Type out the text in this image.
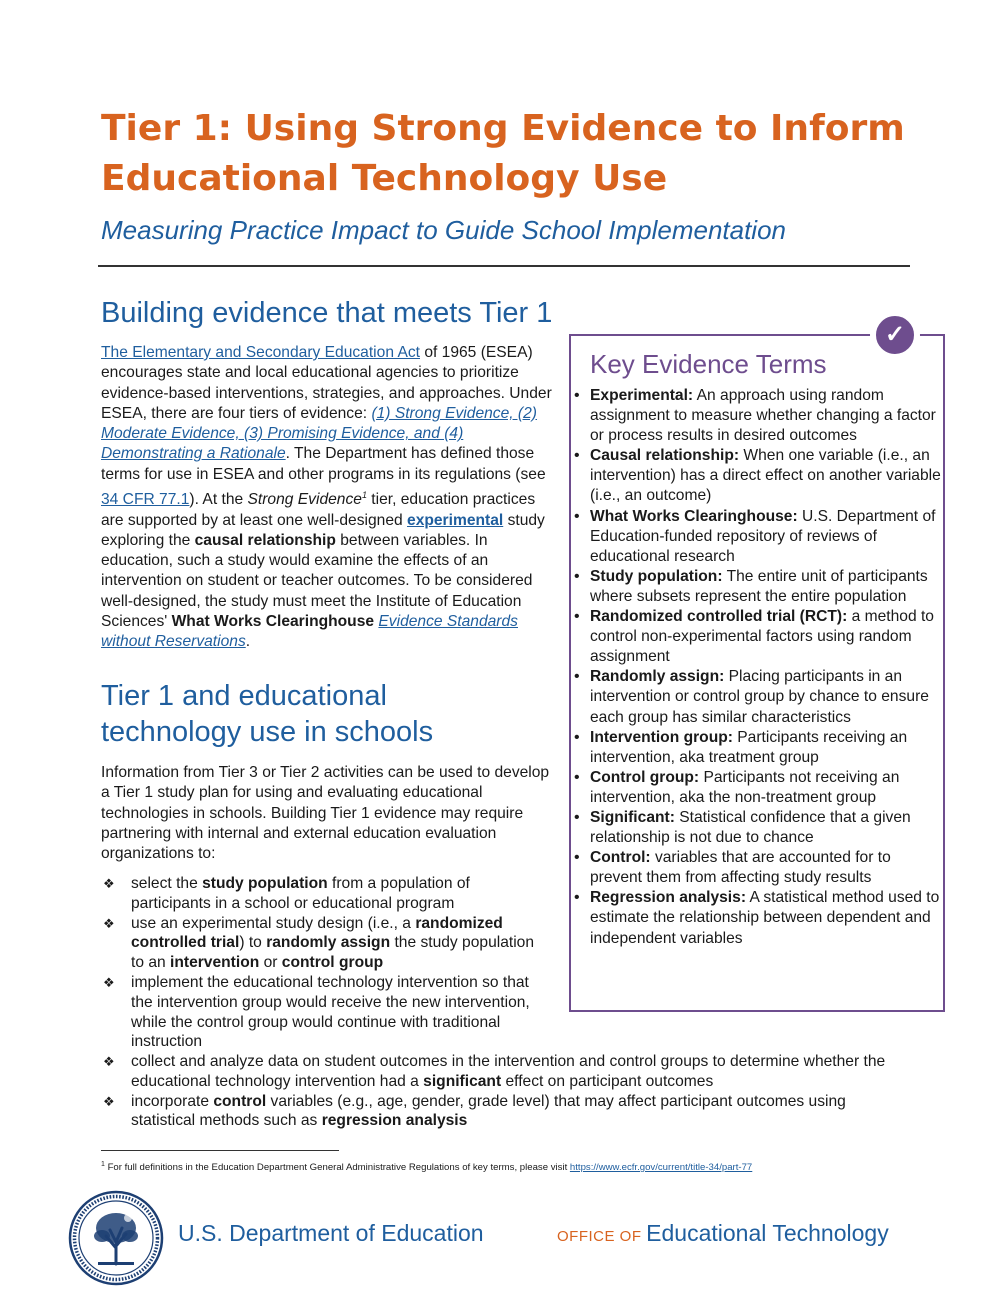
Tier 1: Using Strong Evidence to Inform
Educational Technology Use

Measuring Practice Impact to Guide School Implementation

Building evidence that meets Tier 1

The Elementary and Secondary Education Act of 1965 (ESEA) encourages state and local educational agencies to prioritize evidence-based interventions, strategies, and approaches. Under ESEA, there are four tiers of evidence: (1) Strong Evidence, (2) Moderate Evidence, (3) Promising Evidence, and (4) Demonstrating a Rationale. The Department has defined those terms for use in ESEA and other programs in its regulations (see 34 CFR 77.1). At the Strong Evidence$^1$ tier, education practices are supported by at least one well-designed experimental study exploring the causal relationship between variables. In education, such a study would examine the effects of an intervention on student or teacher outcomes. To be considered well-designed, the study must meet the Institute of Education Sciences' What Works Clearinghouse Evidence Standards without Reservations.

Tier 1 and educational
technology use in schools

Information from Tier 3 or Tier 2 activities can be used to develop a Tier 1 study plan for using and evaluating educational technologies in schools. Building Tier 1 evidence may require partnering with internal and external education evaluation organizations to:

❖ select the study population from a population of participants in a school or educational program
❖ use an experimental study design (i.e., a randomized controlled trial) to randomly assign the study population to an intervention or control group
❖ implement the educational technology intervention so that the intervention group would receive the new intervention, while the control group would continue with traditional instruction
❖ collect and analyze data on student outcomes in the intervention and control groups to determine whether the educational technology intervention had a significant effect on participant outcomes
❖ incorporate control variables (e.g., age, gender, grade level) that may affect participant outcomes using statistical methods such as regression analysis
✓
Key Evidence Terms
• Experimental: An approach using random assignment to measure whether changing a factor or process results in desired outcomes
• Causal relationship: When one variable (i.e., an intervention) has a direct effect on another variable (i.e., an outcome)
• What Works Clearinghouse: U.S. Department of Education-funded repository of reviews of educational research
• Study population: The entire unit of participants where subsets represent the entire population
• Randomized controlled trial (RCT): a method to control non-experimental factors using random assignment
• Randomly assign: Placing participants in an intervention or control group by chance to ensure each group has similar characteristics
• Intervention group: Participants receiving an intervention, aka treatment group
• Control group: Participants not receiving an intervention, aka the non-treatment group
• Significant: Statistical confidence that a given relationship is not due to chance
• Control: variables that are accounted for to prevent them from affecting study results
• Regression analysis: A statistical method used to estimate the relationship between dependent and independent variables

$^1$ For full definitions in the Education Department General Administrative Regulations of key terms, please visit https://www.ecfr.gov/current/title-34/part-77

U.S. Department of Education	OFFICE OF Educational Technology
